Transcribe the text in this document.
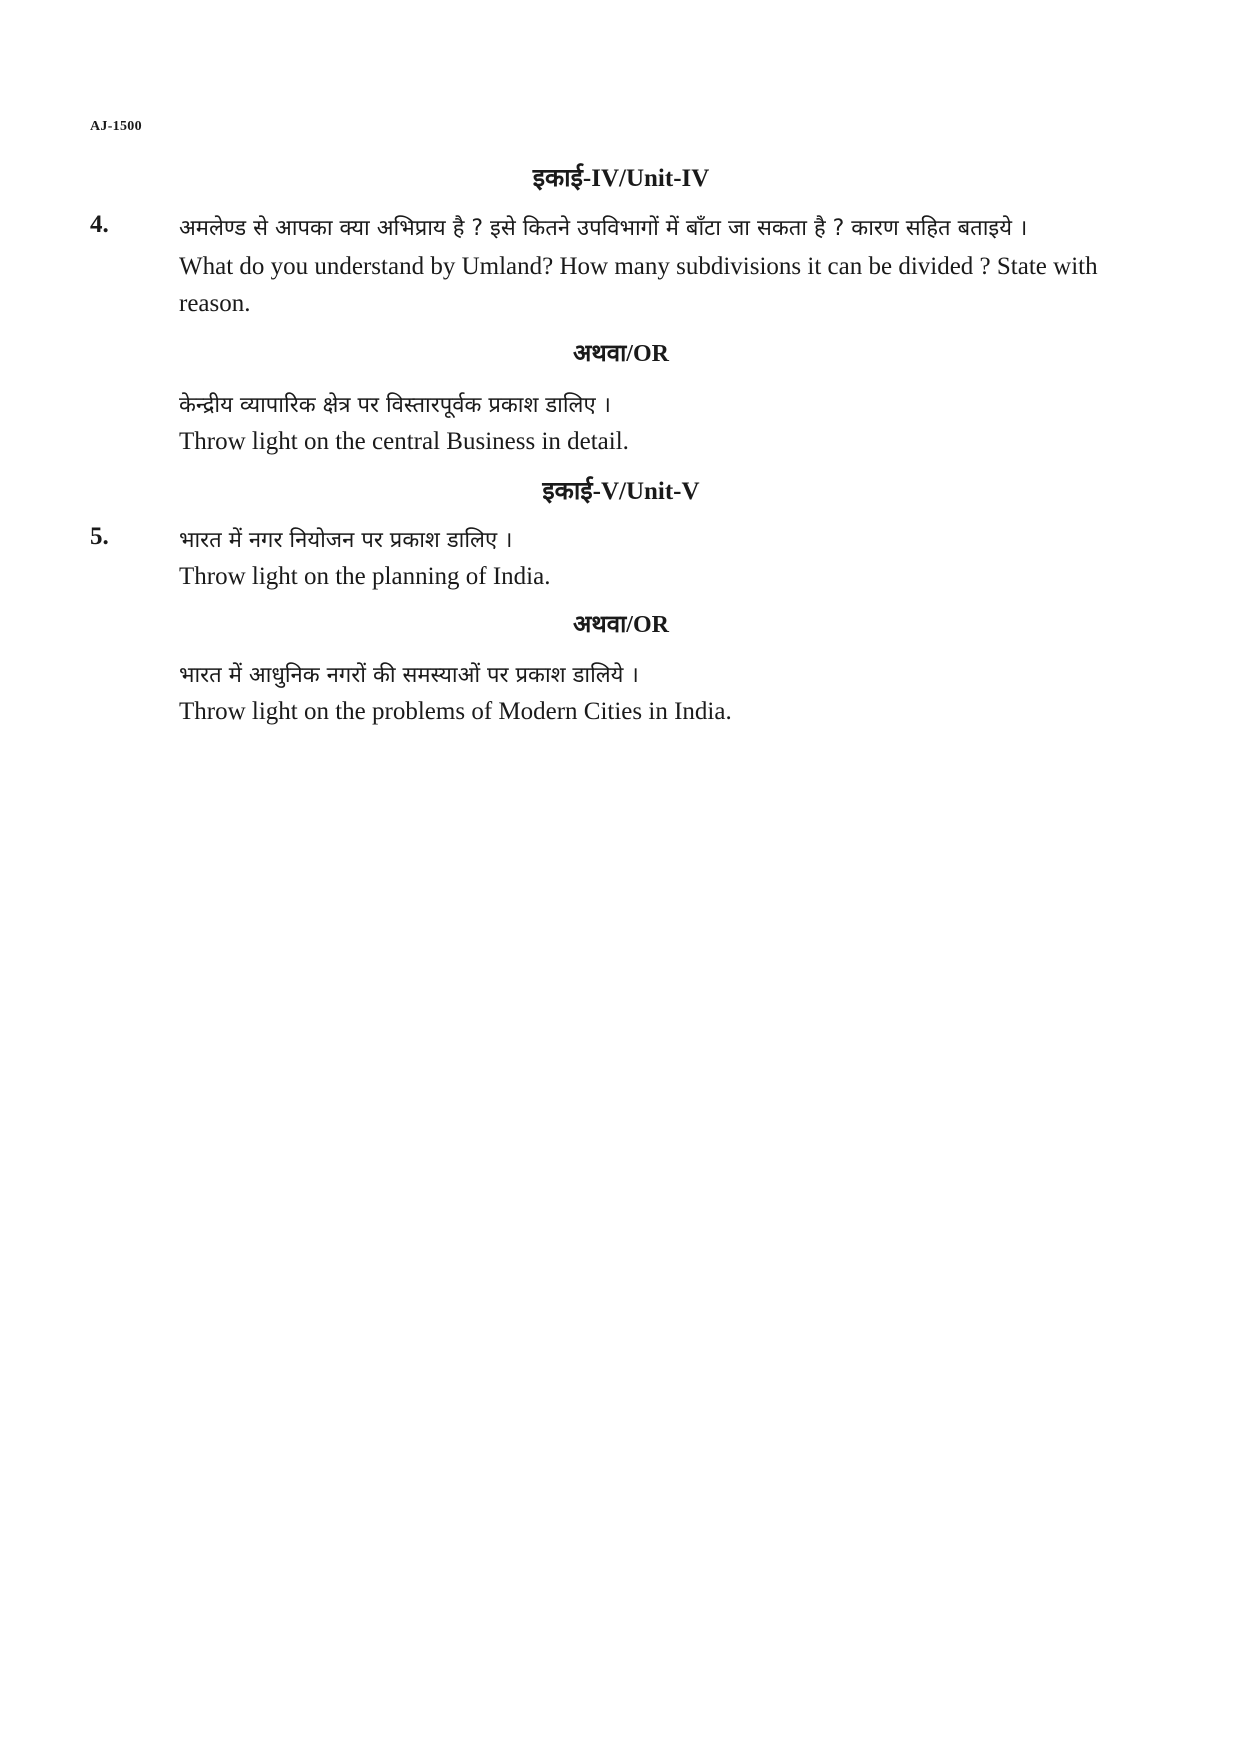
AJ-1500
इकाई-IV/Unit-IV
4.	अमलेण्ड से आपका क्या अभिप्राय है ? इसे कितने उपविभागों में बाँटा जा सकता है ? कारण सहित बताइये ।
What do you understand by Umland? How many subdivisions it can be divided ? State with
reason.
अथवा/OR
केन्द्रीय व्यापारिक क्षेत्र पर विस्तारपूर्वक प्रकाश डालिए ।
Throw light on the central Business in detail.
इकाई-V/Unit-V
5.	भारत में नगर नियोजन पर प्रकाश डालिए ।
Throw light on the planning of India.
अथवा/OR
भारत में आधुनिक नगरों की समस्याओं पर प्रकाश डालिये ।
Throw light on the problems of Modern Cities in India.
